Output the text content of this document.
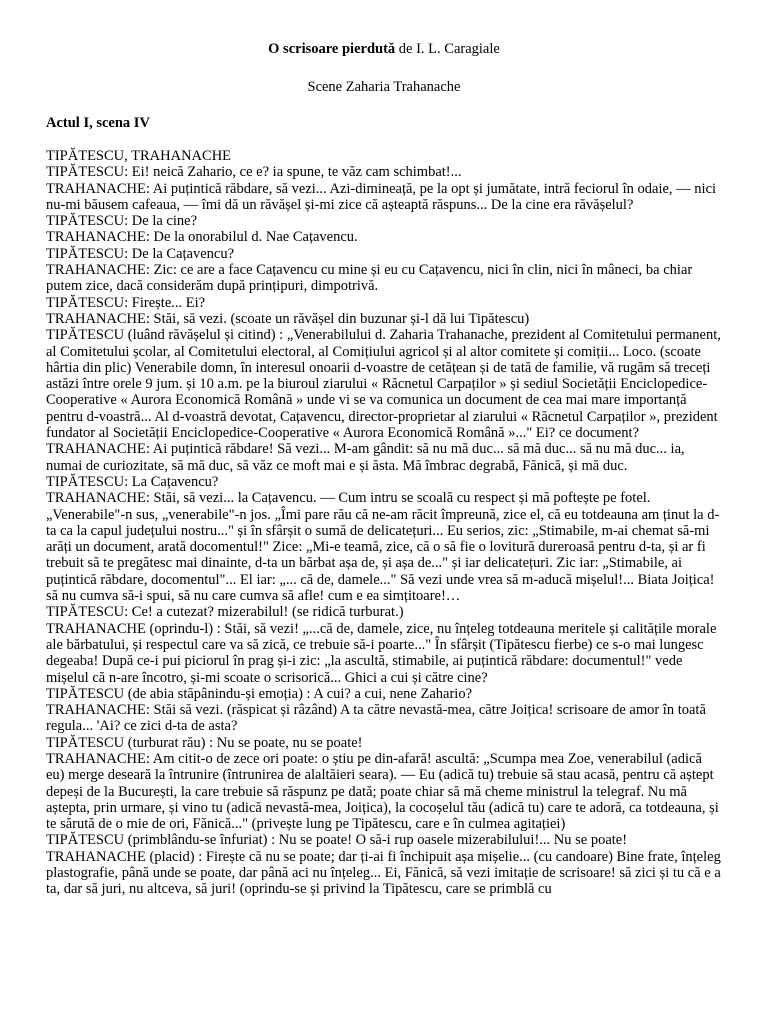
O scrisoare pierdută de I. L. Caragiale

Scene Zaharia Trahanache

Actul I, scena IV

TIPĂTESCU, TRAHANACHE

TIPĂTESCU: Ei! neică Zahario, ce e? ia spune, te văz cam schimbat!...

TRAHANACHE: Ai puțintică răbdare, să vezi... Azi-dimineață, pe la opt și jumătate, intră feciorul în odaie, — nici nu-mi băusem cafeaua, — îmi dă un răvășel și-mi zice că așteaptă răspuns... De la cine era răvășelul?

TIPĂTESCU: De la cine?

TRAHANACHE: De la onorabilul d. Nae Cațavencu.

TIPĂTESCU: De la Cațavencu?

TRAHANACHE: Zic: ce are a face Cațavencu cu mine și eu cu Cațavencu, nici în clin, nici în mâneci, ba chiar putem zice, dacă considerăm după prințipuri, dimpotrivă.

TIPĂTESCU: Firește... Ei?

TRAHANACHE: Stăi, să vezi. (scoate un răvășel din buzunar și-l dă lui Tipătescu)

TIPĂTESCU (luând răvășelul și citind) : „Venerabilului d. Zaharia Trahanache, prezident al Comitetului permanent, al Comitetului școlar, al Comitetului electoral, al Comițiului agricol și al altor comitete și comiții... Loco. (scoate hârtia din plic) Venerabile domn, în interesul onoarii d-voastre de cetățean și de tată de familie, vă rugăm să treceți astăzi între orele 9 jum. și 10 a.m. pe la biuroul ziarului « Răcnetul Carpaților » și sediul Societății Enciclopedice-Cooperative « Aurora Economică Română » unde vi se va comunica un document de cea mai mare importanță pentru d-voastră... Al d-voastră devotat, Cațavencu, director-proprietar al ziarului « Răcnetul Carpaților », prezident fundator al Societății Enciclopedice-Cooperative « Aurora Economică Română »..." Ei? ce document?

TRAHANACHE: Ai puțintică răbdare! Să vezi... M-am gândit: să nu mă duc... să mă duc... să nu mă duc... ia, numai de curiozitate, să mă duc, să văz ce moft mai e și ăsta. Mă îmbrac degrabă, Fănică, și mă duc.

TIPĂTESCU: La Cațavencu?

TRAHANACHE: Stăi, să vezi... la Cațavencu. — Cum intru se scoală cu respect și mă poftește pe fotel. „Venerabile"-n sus, „venerabile"-n jos. „Îmi pare rău că ne-am răcit împreună, zice el, că eu totdeauna am ținut la d-ta ca la capul județului nostru..." și în sfârșit o sumă de delicatețuri... Eu serios, zic: „Stimabile, m-ai chemat să-mi arăți un document, arată docomentul!" Zice: „Mi-e teamă, zice, că o să fie o lovitură dureroasă pentru d-ta, și ar fi trebuit să te pregătesc mai dinainte, d-ta un bărbat așa de, și așa de..." și iar delicatețuri. Zic iar: „Stimabile, ai puțintică răbdare, docomentul"... El iar: „... că de, damele..." Să vezi unde vrea să m-aducă mișelul!... Biata Joițica! să nu cumva să-i spui, să nu care cumva să afle! cum e ea simțitoare!…

TIPĂTESCU: Ce! a cutezat? mizerabilul! (se ridică turburat.)

TRAHANACHE (oprindu-l) : Stăi, să vezi! „...că de, damele, zice, nu înțeleg totdeauna meritele și calitățile morale ale bărbatului, și respectul care va să zică, ce trebuie să-i poarte..." În sfârșit (Tipătescu fierbe) ce s-o mai lungesc degeaba! După ce-i pui piciorul în prag și-i zic: „la ascultă, stimabile, ai puțintică răbdare: documentul!" vede mișelul că n-are încotro, și-mi scoate o scrisorică... Ghici a cui și către cine?

TIPĂTESCU (de abia stăpânindu-și emoția) : A cui? a cui, nene Zahario?

TRAHANACHE: Stăi să vezi. (răspicat și râzând) A ta către nevastă-mea, către Joițica! scrisoare de amor în toată regula... 'Ai? ce zici d-ta de asta?

TIPĂTESCU (turburat rău) : Nu se poate, nu se poate!

TRAHANACHE: Am citit-o de zece ori poate: o știu pe din-afară! ascultă: „Scumpa mea Zoe, venerabilul (adică eu) merge deseară la întrunire (întrunirea de alaltăieri seara). — Eu (adică tu) trebuie să stau acasă, pentru că aștept depeși de la București, la care trebuie să răspunz pe dată; poate chiar să mă cheme ministrul la telegraf. Nu mă aștepta, prin urmare, și vino tu (adică nevastă-mea, Joițica), la cocoșelul tău (adică tu) care te adoră, ca totdeauna, și te sărută de o mie de ori, Fănică..." (privește lung pe Tipătescu, care e în culmea agitației)

TIPĂTESCU (primblându-se înfuriat) : Nu se poate! O să-i rup oasele mizerabilului!... Nu se poate!

TRAHANACHE (placid) : Firește că nu se poate; dar ți-ai fi închipuit așa mișelie... (cu candoare) Bine frate, înțeleg plastografie, până unde se poate, dar până aci nu înțeleg... Ei, Fănică, să vezi imitație de scrisoare! să zici și tu că e a ta, dar să juri, nu altceva, să juri! (oprindu-se și privind la Tipătescu, care se primblă cu
